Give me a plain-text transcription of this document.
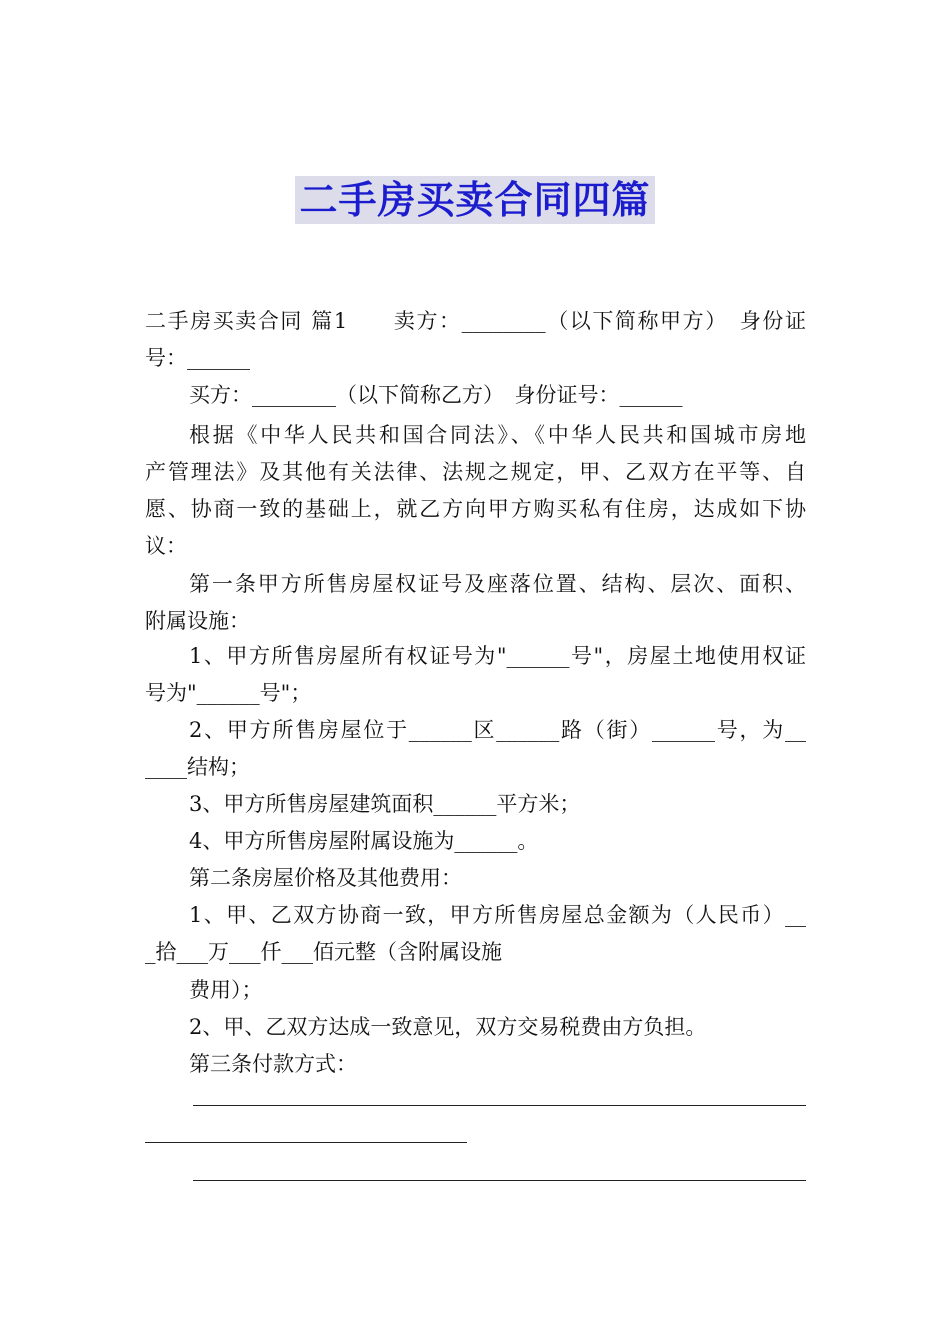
二手房买卖合同四篇
二手房买卖合同 篇1　　卖方：________（以下简称甲方）　身份证
号：______
买方：________（以下简称乙方）　身份证号：______
根据《中华人民共和国合同法》、《中华人民共和国城市房地
产管理法》及其他有关法律、法规之规定，甲、乙双方在平等、自
愿、协商一致的基础上，就乙方向甲方购买私有住房，达成如下协
议：
第一条甲方所售房屋权证号及座落位置、结构、层次、面积、
附属设施：
1、甲方所售房屋所有权证号为"______号"，房屋土地使用权证
号为"______号"；
2、甲方所售房屋位于______区______路（街）______号，为__
____结构；
3、甲方所售房屋建筑面积______平方米；
4、甲方所售房屋附属设施为______。
第二条房屋价格及其他费用：
1、甲、乙双方协商一致，甲方所售房屋总金额为（人民币）__
_拾___万___仟___佰元整（含附属设施
费用）；
2、甲、乙双方达成一致意见，双方交易税费由方负担。
第三条付款方式：
